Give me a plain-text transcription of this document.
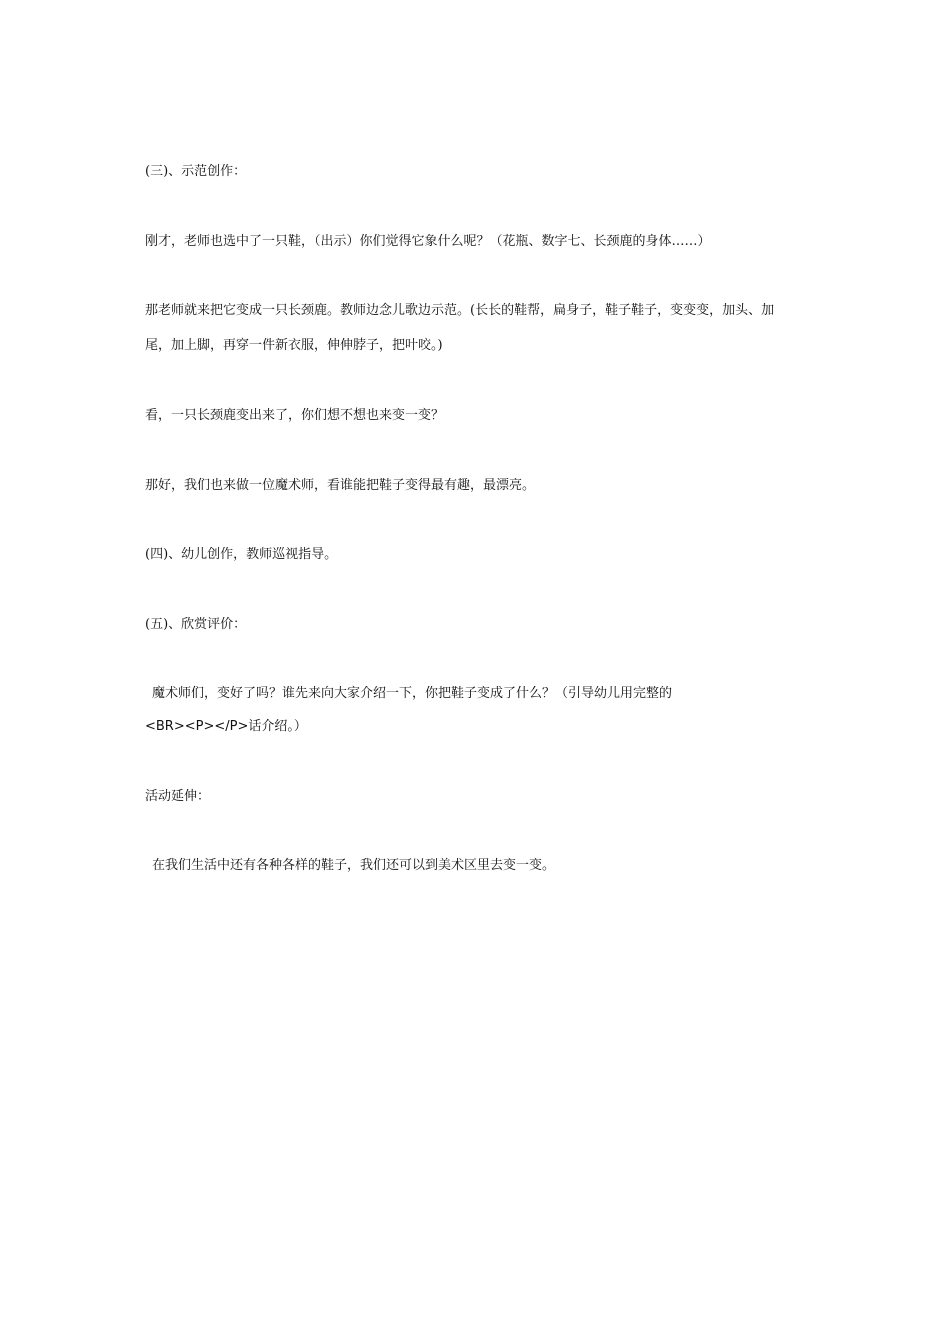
(三)、示范创作：
刚才，老师也选中了一只鞋，（出示）你们觉得它象什么呢？（花瓶、数字七、长颈鹿的身体……）
那老师就来把它变成一只长颈鹿。教师边念儿歌边示范。(长长的鞋帮，扁身子，鞋子鞋子，变变变，加头、加
尾，加上脚，再穿一件新衣服，伸伸脖子，把叶咬。)
看，一只长颈鹿变出来了，你们想不想也来变一变？
那好，我们也来做一位魔术师，看谁能把鞋子变得最有趣，最漂亮。
(四)、幼儿创作，教师巡视指导。
(五)、欣赏评价：
魔术师们，变好了吗？谁先来向大家介绍一下，你把鞋子变成了什么？（引导幼儿用完整的
<BR><P></P>话介绍。）
活动延伸：
在我们生活中还有各种各样的鞋子，我们还可以到美术区里去变一变。
